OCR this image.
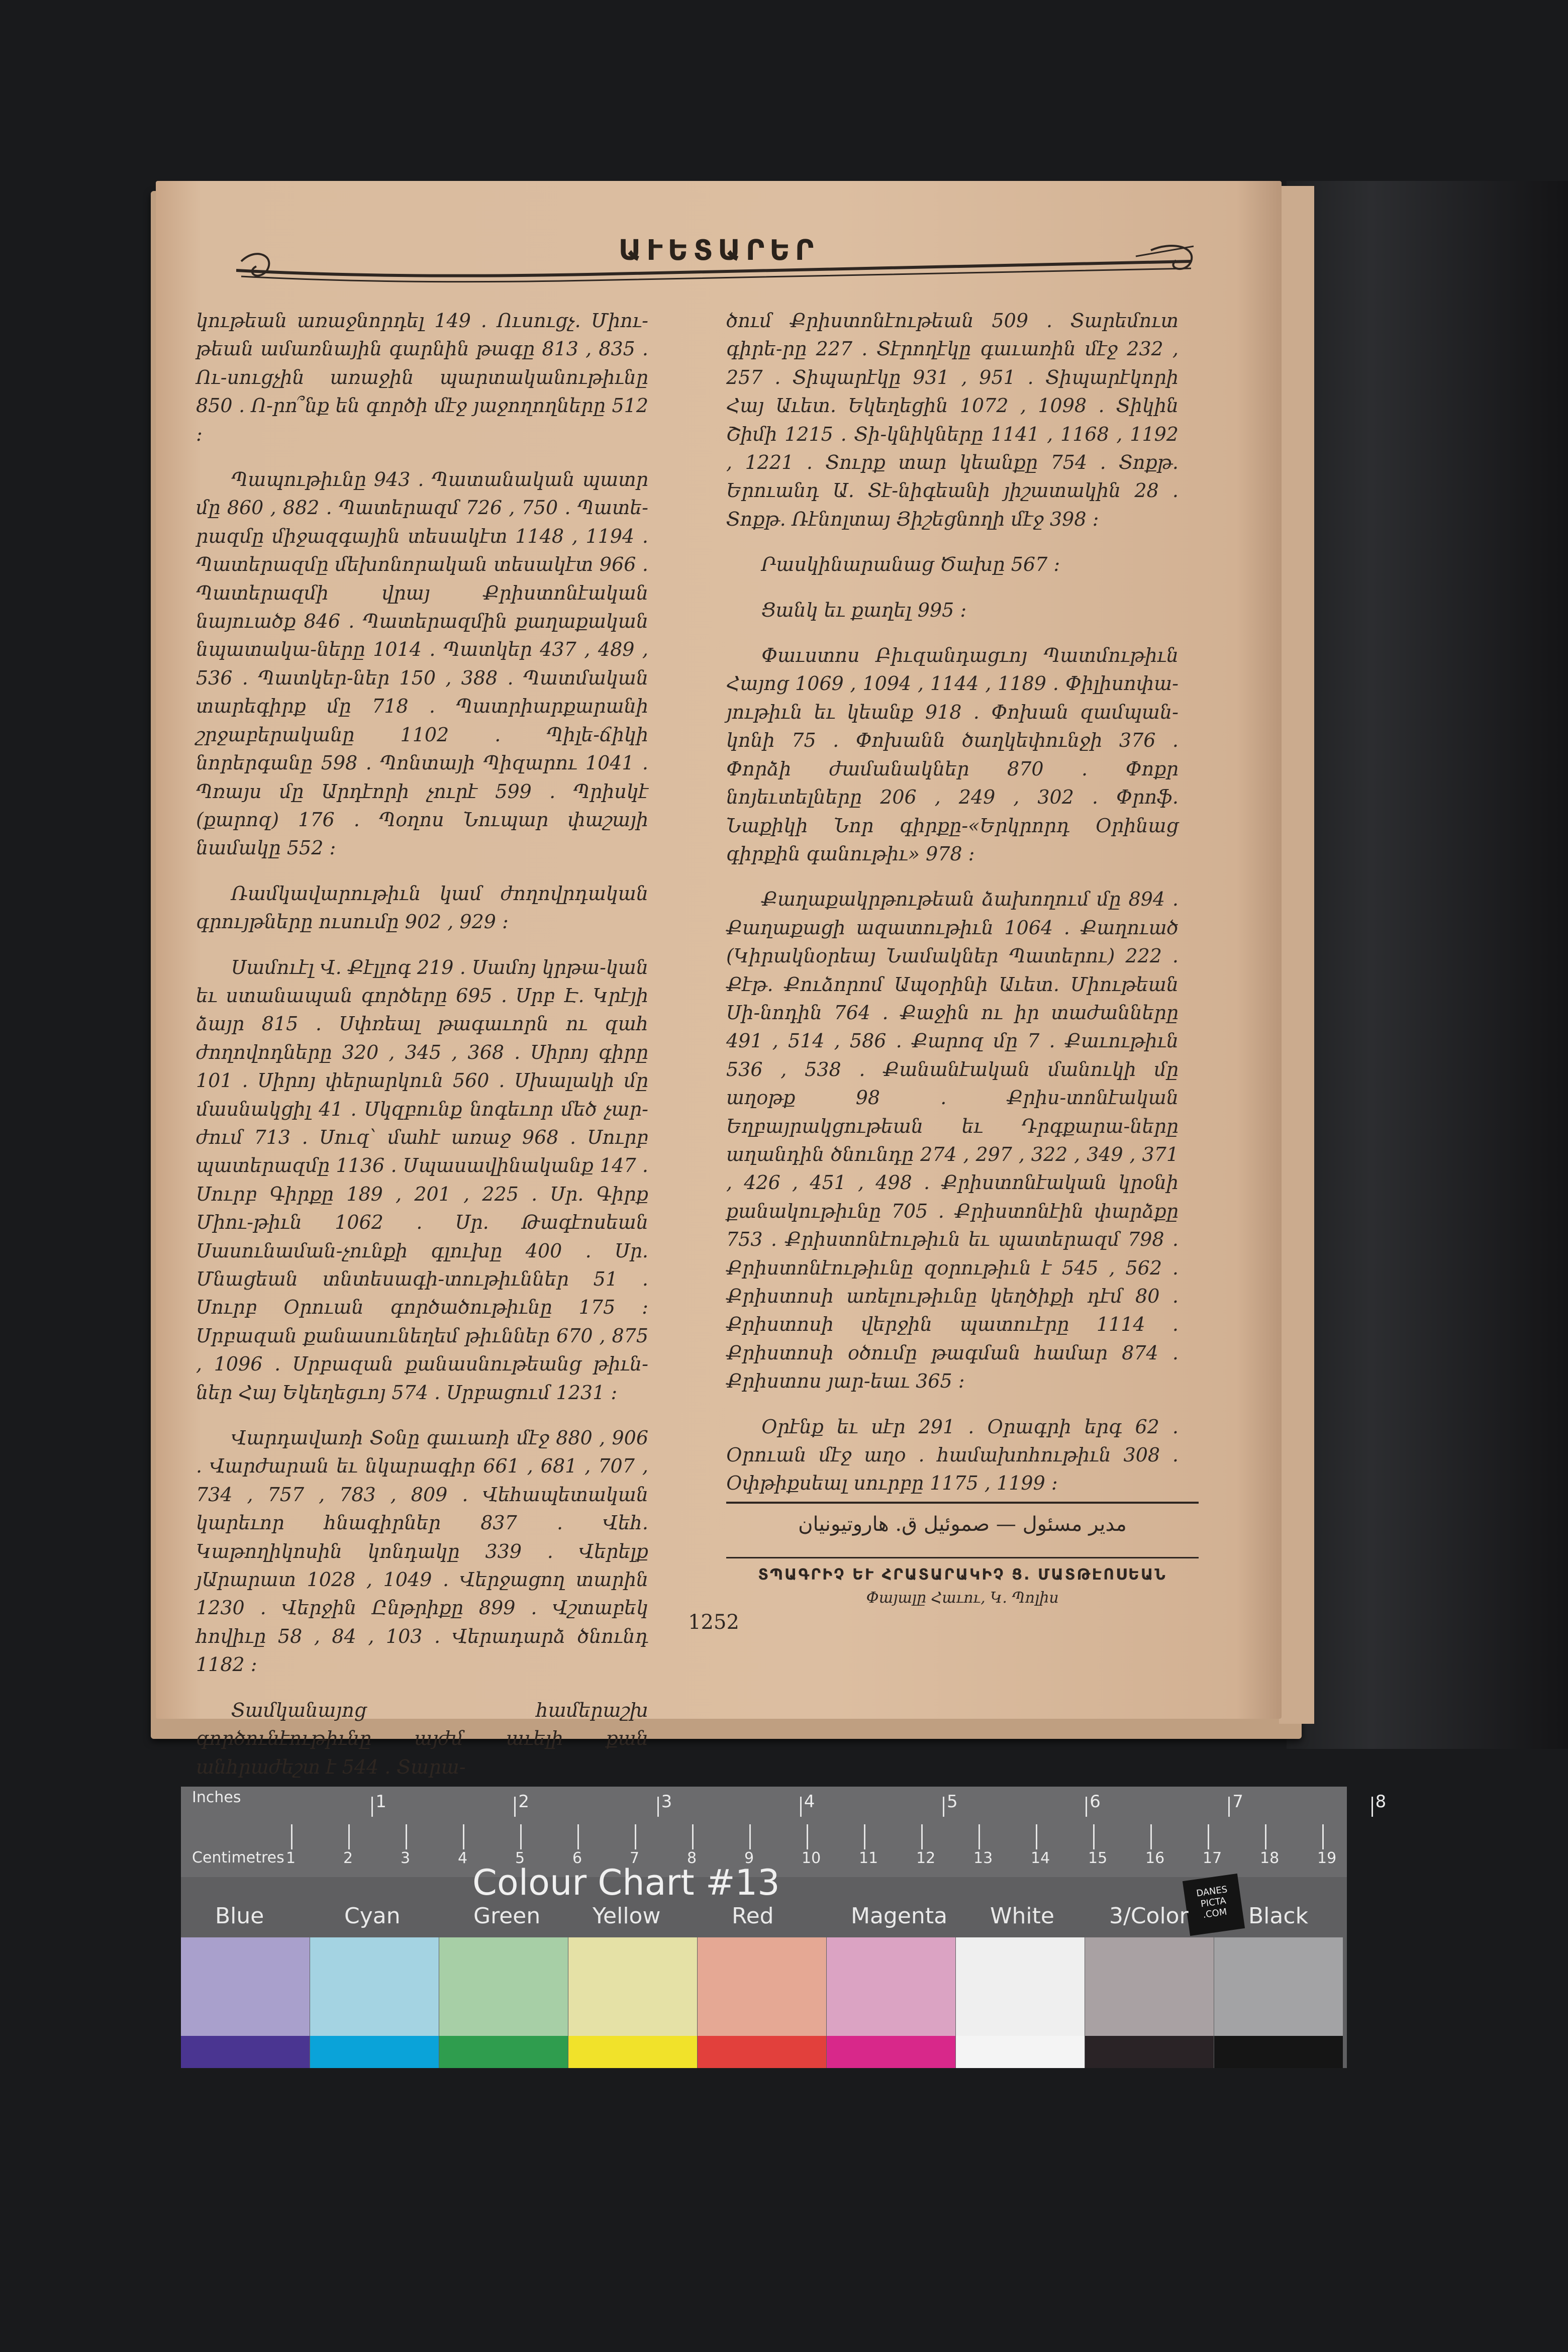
ԱՒԵՏԱՐԵՐ

կութեան առաջնորդել 149 . Ուսուցչ․ Միու-թեան ամառնային գարնին թագը 813 , 835 . Ու-սուցչին առաջին պարտականութիւնը 850 . Ո-րո՞նք են գործի մէջ յաջողողները 512 ։

Պապութիւնը 943 . Պատանական պատր մը 860 , 882 . Պատերազմ 726 , 750 . Պատե-րազմը միջազգային տեսակէտ 1148 , 1194 . Պատերազմը մեխոնորական տեսակէտ 966 . Պատերազմի վրայ Քրիստոնէական նայուածք 846 . Պատերազմին քաղաքական նպատակա-ները 1014 . Պատկեր 437 , 489 , 536 . Պատկեր-ներ 150 , 388 . Պատմական տարեգիրք մը 718 . Պատրիարքարանի շրջաբերականը 1102 . Պիլե-ճիկի նորերգանը 598 . Պոնտայի Պիզարու 1041 . Պռայս մը Արդէորի չուրէ 599 . Պրիսկէ (քարոզ) 176 . Պօղոս Նուպար փաշայի նամակը 552 ։

Ռամկավարութիւն կամ ժողովրդական գրույթները ուսումը 902 , 929 ։

Սամուէլ Վ. Քէլլոգ 219 . Սամոյ կրթա-կան եւ ստանապան գործերը 695 . Սրբ Է. Կրէյի ձայր 815 . Սփռեալ թագաւորն ու զահ ժողովոդները 320 , 345 , 368 . Սիրոյ գիրը 101 . Սիրոյ փերարկուն 560 . Սխալակի մը մասնակցիլ 41 . Սկզբունք նոգեւոր մեծ չար-ժում 713 . Սուզ՝ մահէ առաջ 968 . Սուրբ պատերազմը 1136 . Սպասավինականք 147 . Սուրբ Գիրքը 189 , 201 , 225 . Սր. Գիրք Միու-թիւն 1062 . Սր. Թագէոսեան Սասունաման-չունքի գլուխը 400 . Սր. Մնացեան տնտեսագի-տութիւններ 51 . Սուրբ Օրուան գործածութիւնը 175 ։ Սրբազան քանասունեղեմ թիւններ 670 , 875 , 1096 . Սրբազան քանասնութեանց թիւն-ներ Հայ Եկեղեցւոյ 574 . Սրբացում 1231 ։

Վարդավառի Տօնը գաւառի մէջ 880 , 906 . Վարժարան եւ նկարագիր 661 , 681 , 707 , 734 , 757 , 783 , 809 . Վեհապետական կարեւոր հնագիրներ 837 . Վեհ. Կաթողիկոսին կոնդակը 339 . Վերելք յԱրարատ 1028 , 1049 . Վերջացող տարին 1230 . Վերջին Ընթրիքը 899 . Վշտաբեկ հովիւը 58 , 84 , 103 . Վերադարձ ծնունդ 1182 ։

Տամկանայոց համերաշխ գործունէութիւնը այժմ աւելի քան անհրաժեշտ է 544 . Տարա-

ծում Քրիստոնէութեան 509 . Տարեմուտ գիրե-րը 227 . Տէրողէկը գաւառին մէջ 232 , 257 . Տիպարէկը 931 , 951 . Տիպարէկորի Հայ Աւետ. Եկեղեցին 1072 , 1098 . Տիկին Շիմի 1215 . Տի-կնիկները 1141 , 1168 , 1192 , 1221 . Տուրք տար կեանքը 754 . Տոքթ. Երուանդ Ա. Տէ-նիգեանի յիշատակին 28 . Տոքթ. Ռէնոլտայ Յիշեցնողի մէջ 398 ։

Րասկինարանաց Ծախը 567 ։

Ցանկ եւ քաղել 995 ։

Փաւստոս Բիւզանդացւոյ Պատմութիւն Հայոց 1069 , 1094 , 1144 , 1189 . Փիլիսոփա-յութիւն եւ կեանք 918 . Փոխան զամպան-կոնի 75 . Փոխանն ծաղկեփունջի 376 . Փորձի ժամանակներ 870 . Փոքր նոյեւտելները 206 , 249 , 302 . Փրոֆ. Նաքիկի Նոր գիրքը-«Երկրորդ Օրինաց գիրքին գանութիւ» 978 ։

Քաղաքակրթութեան ձախողում մը 894 . Քաղաքացի ազատութիւն 1064 . Քաղուած (Կիրակնօրեայ Նամակներ Պատերու) 222 . Քէթ. Քուձորոմ Ապօրինի Աւետ. Միութեան Սի-նոդին 764 . Քաջին ու իր տաժանները 491 , 514 , 586 . Քարոզ մը 7 . Քաւութիւն 536 , 538 . Քանանէական մանուկի մը աղօթք 98 . Քրիս-տոնէական Եղբայրակցութեան եւ Դրգքարա-ները աղանդին ծնունդը 274 , 297 , 322 , 349 , 371 , 426 , 451 , 498 . Քրիստոնէական կրօնի քանակութիւնը 705 . Քրիստոնէին փարձքը 753 . Քրիստոնէութիւն եւ պատերազմ 798 . Քրիստոնէութիւնը զօրութիւն է 545 , 562 . Քրիստոսի առելութիւնը կեղծիքի դէմ 80 . Քրիստոսի վերջին պատուէրը 1114 . Քրիստոսի օծումը թագման համար 874 . Քրիստոս յար-եաւ 365 ։

Օրէնք եւ սէր 291 . Օրագրի երգ 62 . Օրուան մէջ աղօ . համախոհութիւն 308 . Օփթիքսեալ սուրբը 1175 , 1199 ։

مدير مسئول — صموئيل ق. هاروتيونيان
ՏՊԱԳՐԻՉ ԵՒ ՀՐԱՏԱՐԱԿԻՉ Ց. ՄԱՏԹԷՈՍԵԱՆ
Փայալը Հաւու, Կ. Պոլիս
1252
Inches
Centimetres
1	2	3	4	5	6	7	8
1	2	3	4	5	6	7	8	9	10	11	12	13	14	15	16	17	18	19
Colour Chart #13	DANES
PICTA
.COM
Blue	Cyan	Green Yellow	Red	Magenta White 3/Color	Black
